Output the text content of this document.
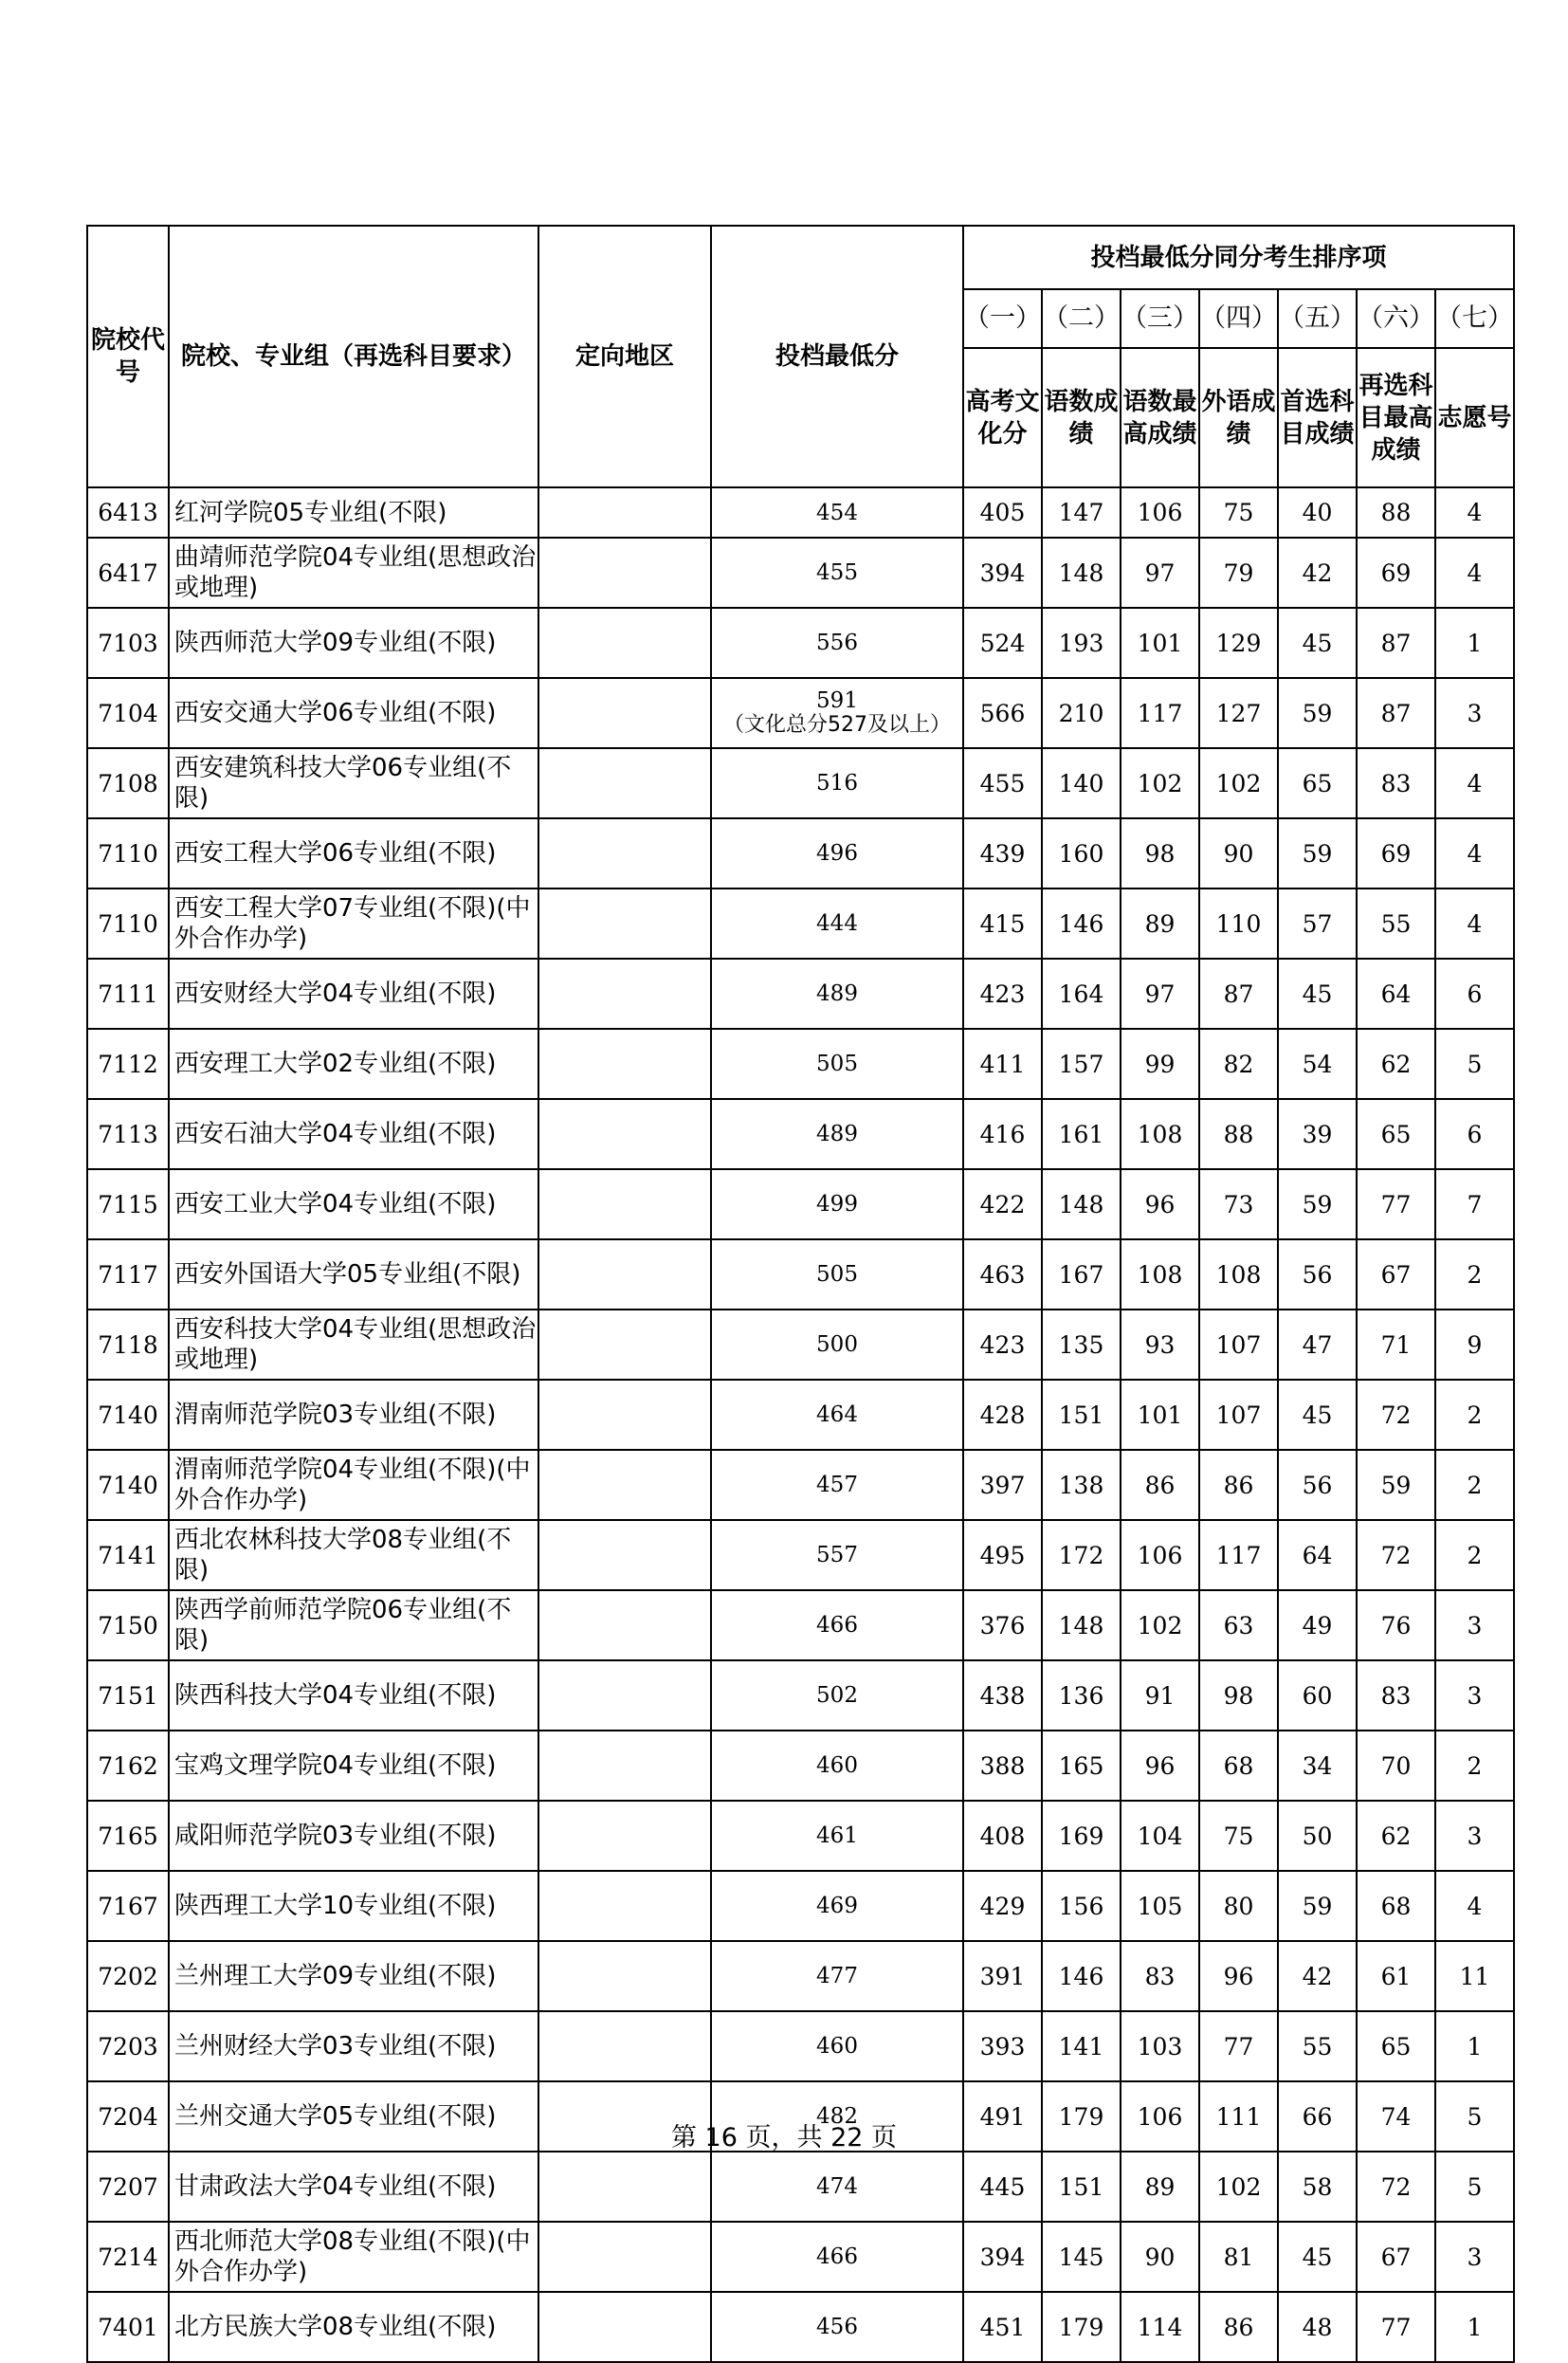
院校代号	院校、专业组（再选科目要求）	定向地区	投档最低分	投档最低分同分考生排序项						
				（一）	（二）	（三）	（四）	（五）	（六）	（七）
				高考文化分	语数成绩	语数最高成绩	外语成绩	首选科目成绩	再选科目最高成绩	志愿号
6413	红河学院05专业组(不限)		454	405	147	106	75	40	88	4
6417	曲靖师范学院04专业组(思想政治或地理)		455	394	148	97	79	42	69	4
7103	陕西师范大学09专业组(不限)		556	524	193	101	129	45	87	1
7104	西安交通大学06专业组(不限)		591
（文化总分527及以上）	566	210	117	127	59	87	3
7108	西安建筑科技大学06专业组(不限)		516	455	140	102	102	65	83	4
7110	西安工程大学06专业组(不限)		496	439	160	98	90	59	69	4
7110	西安工程大学07专业组(不限)(中外合作办学)		444	415	146	89	110	57	55	4
7111	西安财经大学04专业组(不限)		489	423	164	97	87	45	64	6
7112	西安理工大学02专业组(不限)		505	411	157	99	82	54	62	5
7113	西安石油大学04专业组(不限)		489	416	161	108	88	39	65	6
7115	西安工业大学04专业组(不限)		499	422	148	96	73	59	77	7
7117	西安外国语大学05专业组(不限)		505	463	167	108	108	56	67	2
7118	西安科技大学04专业组(思想政治或地理)		500	423	135	93	107	47	71	9
7140	渭南师范学院03专业组(不限)		464	428	151	101	107	45	72	2
7140	渭南师范学院04专业组(不限)(中外合作办学)		457	397	138	86	86	56	59	2
7141	西北农林科技大学08专业组(不限)		557	495	172	106	117	64	72	2
7150	陕西学前师范学院06专业组(不限)		466	376	148	102	63	49	76	3
7151	陕西科技大学04专业组(不限)		502	438	136	91	98	60	83	3
7162	宝鸡文理学院04专业组(不限)		460	388	165	96	68	34	70	2
7165	咸阳师范学院03专业组(不限)		461	408	169	104	75	50	62	3
7167	陕西理工大学10专业组(不限)		469	429	156	105	80	59	68	4
7202	兰州理工大学09专业组(不限)		477	391	146	83	96	42	61	11
7203	兰州财经大学03专业组(不限)		460	393	141	103	77	55	65	1
7204	兰州交通大学05专业组(不限)		482	491	179	106	111	66	74	5
7207	甘肃政法大学04专业组(不限)		474	445	151	89	102	58	72	5
7214	西北师范大学08专业组(不限)(中外合作办学)		466	394	145	90	81	45	67	3
7401	北方民族大学08专业组(不限)		456	451	179	114	86	48	77	1
第 16 页，共 22 页
